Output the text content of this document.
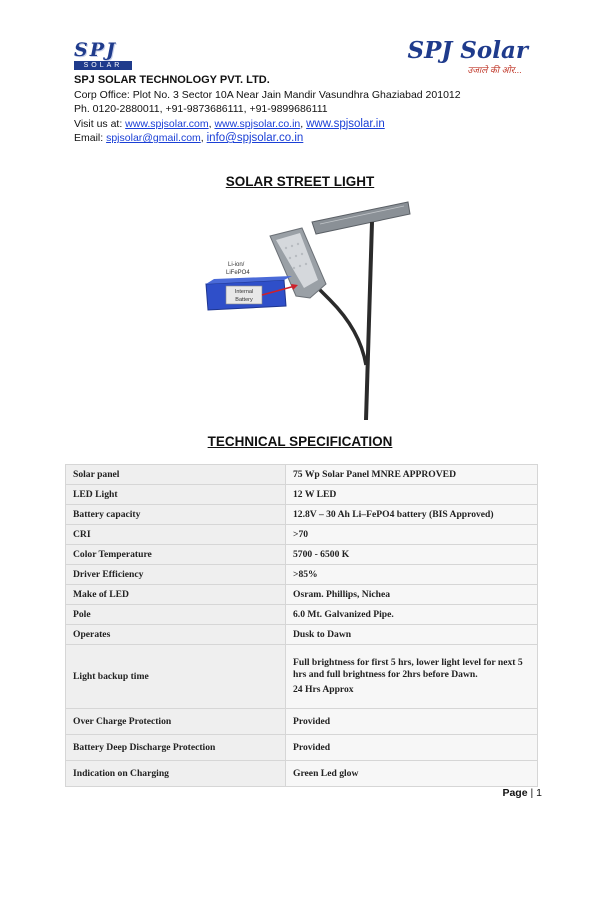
SPJ
SOLAR
SPJ Solar
उजाले की ओर...
SPJ SOLAR TECHNOLOGY PVT. LTD.
Corp Office: Plot No. 3 Sector 10A Near Jain Mandir Vasundhra Ghaziabad 201012
Ph. 0120-2880011, +91-9873686111, +91-9899686111
Visit us at: www.spjsolar.com, www.spjsolar.co.in, www.spjsolar.in
Email: spjsolar@gmail.com, info@spjsolar.co.in
SOLAR STREET LIGHT
Internal
Battery
Li-ion/
LiFePO4
TECHNICAL SPECIFICATION
Solar panel	75 Wp Solar Panel MNRE APPROVED
LED Light	12 W LED
Battery capacity	12.8V – 30 Ah Li–FePO4 battery (BIS Approved)
CRI	>70
Color Temperature	5700 - 6500 K
Driver Efficiency	>85%
Make of LED	Osram. Phillips, Nichea
Pole	6.0 Mt. Galvanized Pipe.
Operates	Dusk to Dawn
Light backup time	Full brightness for first 5 hrs, lower light level for next 5 hrs and full brightness for 2hrs before Dawn.

24 Hrs Approx

Over Charge Protection	Provided
Battery Deep Discharge Protection	Provided
Indication on Charging	Green Led glow
Page | 1
